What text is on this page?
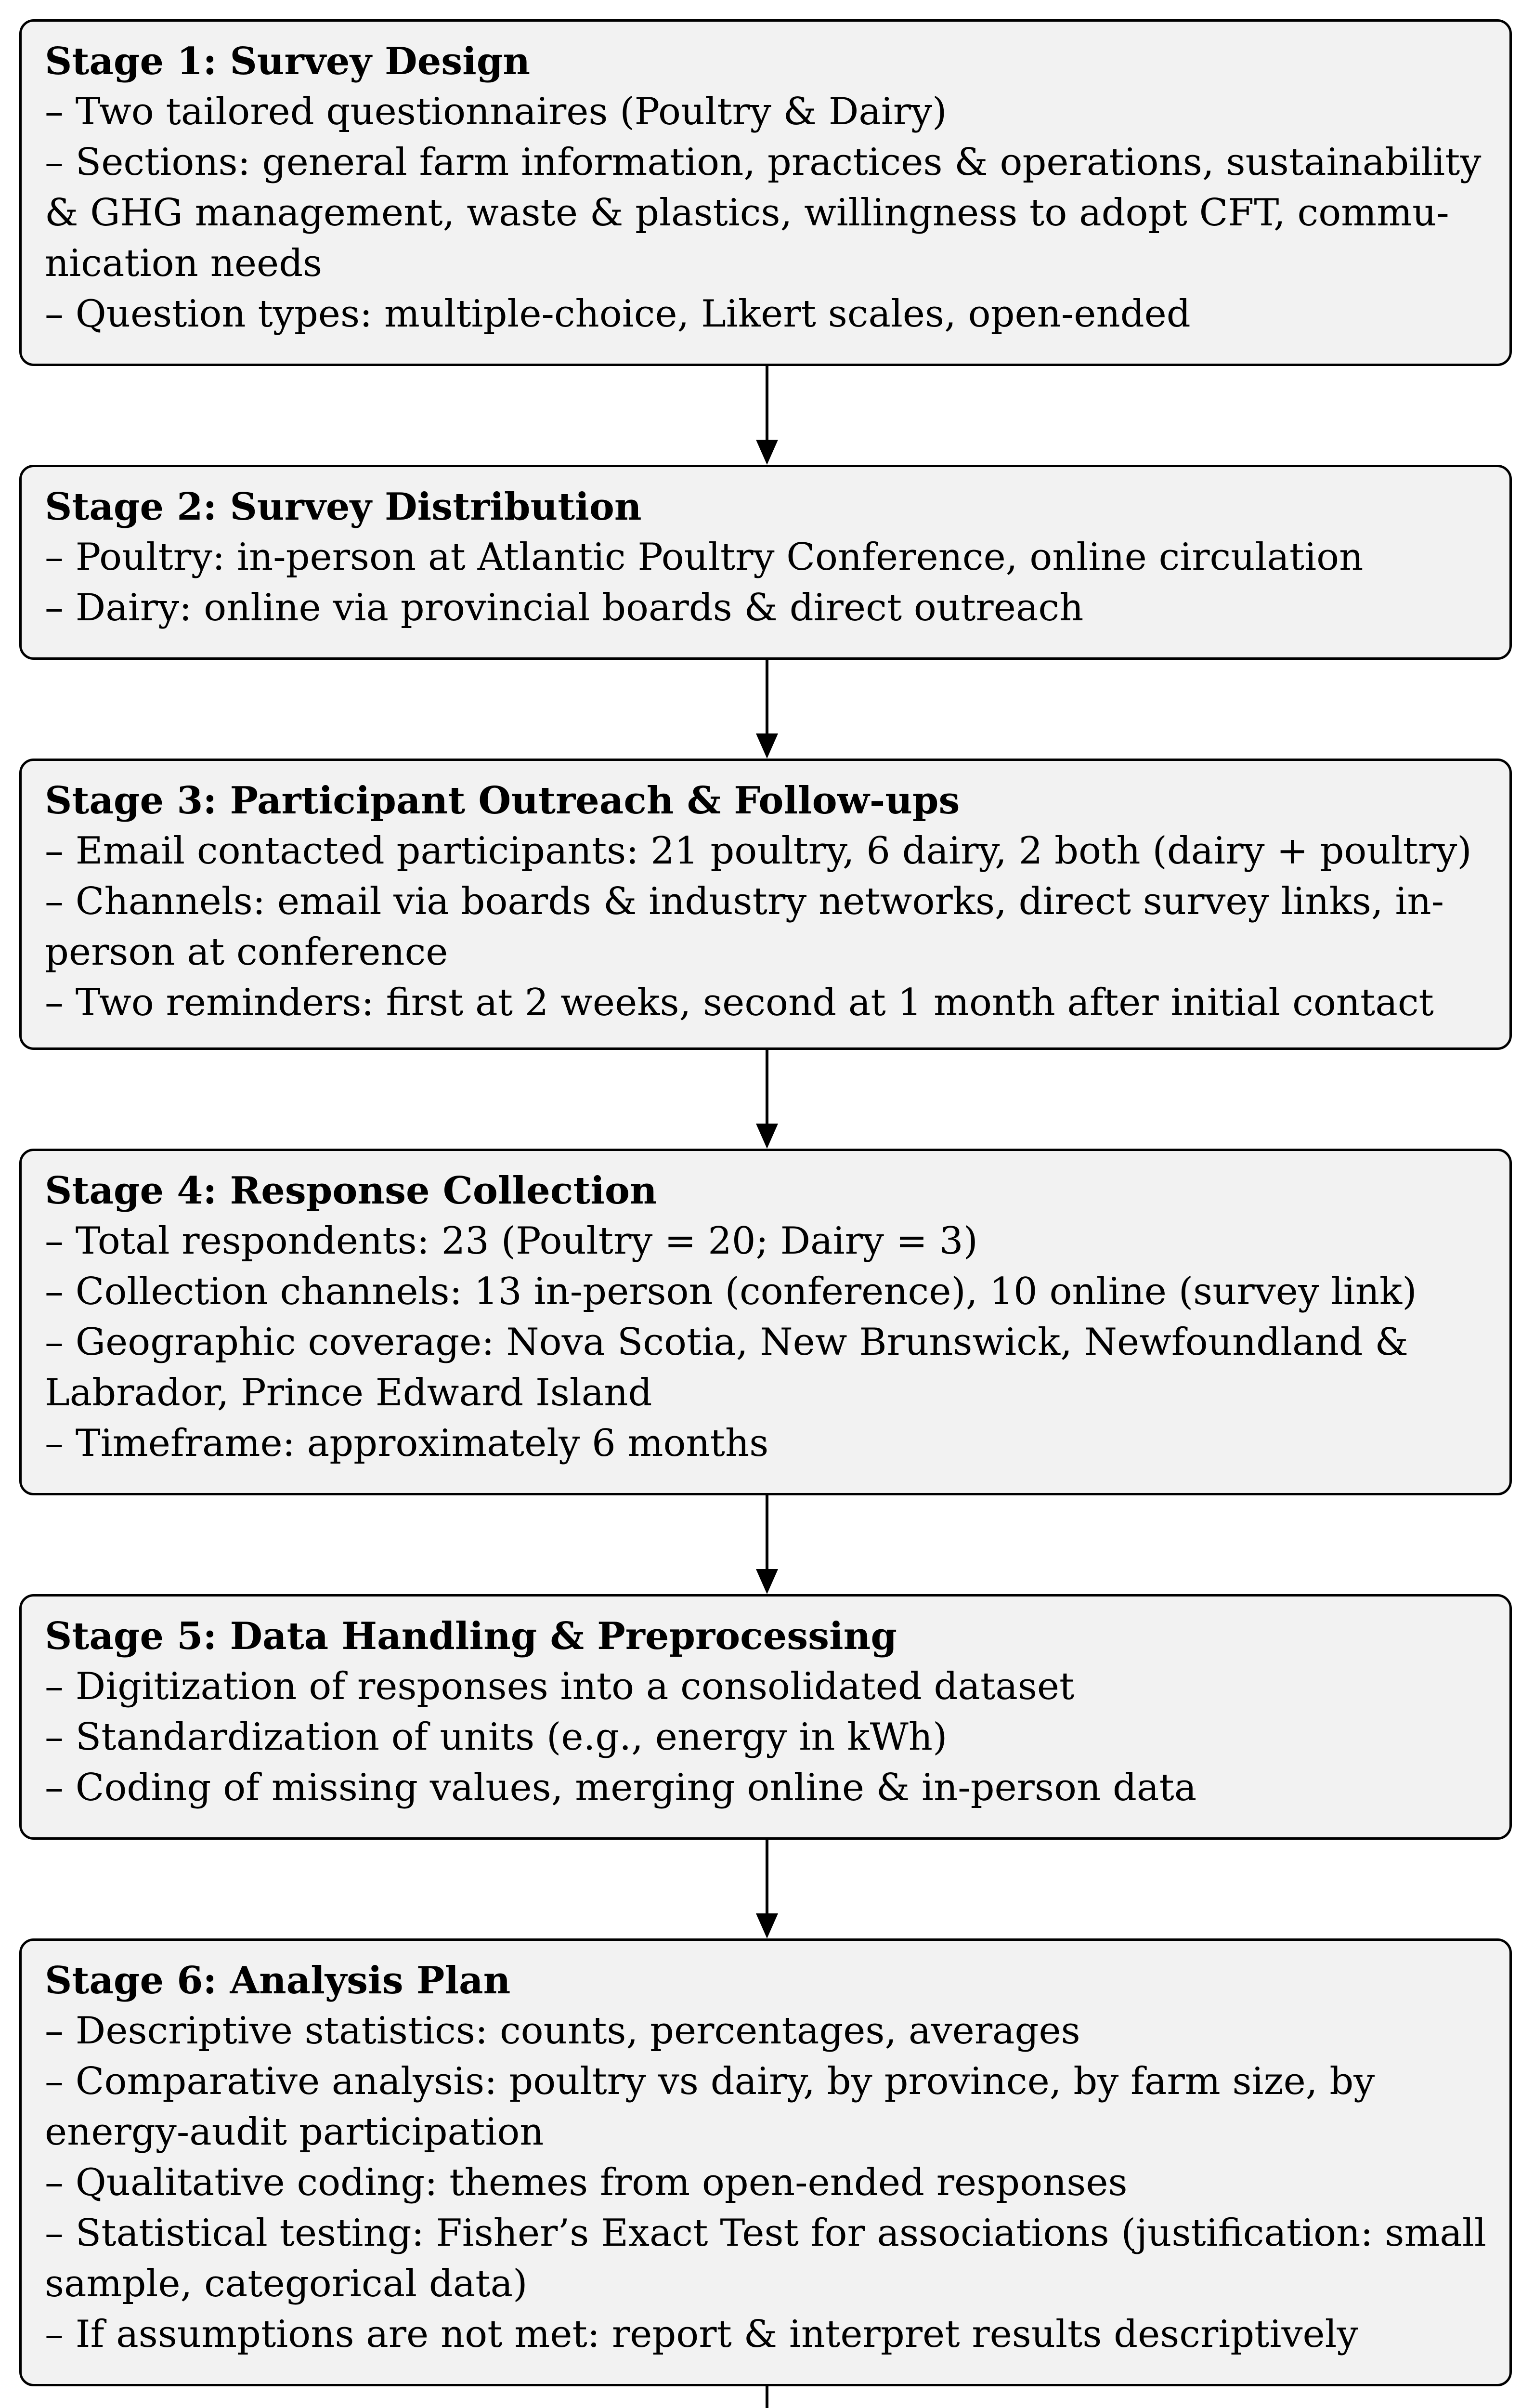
Stage 1: Survey Design
– Two tailored questionnaires (Poultry & Dairy)
– Sections: general farm information, practices & operations, sustainability
& GHG management, waste & plastics, willingness to adopt CFT, commu-
nication needs
– Question types: multiple-choice, Likert scales, open-ended
Stage 2: Survey Distribution
– Poultry: in-person at Atlantic Poultry Conference, online circulation
– Dairy: online via provincial boards & direct outreach
Stage 3: Participant Outreach & Follow-ups
– Email contacted participants: 21 poultry, 6 dairy, 2 both (dairy + poultry)
– Channels: email via boards & industry networks, direct survey links, in-
person at conference
– Two reminders: first at 2 weeks, second at 1 month after initial contact
Stage 4: Response Collection
– Total respondents: 23 (Poultry = 20; Dairy = 3)
– Collection channels: 13 in-person (conference), 10 online (survey link)
– Geographic coverage: Nova Scotia, New Brunswick, Newfoundland &
Labrador, Prince Edward Island
– Timeframe: approximately 6 months
Stage 5: Data Handling & Preprocessing
– Digitization of responses into a consolidated dataset
– Standardization of units (e.g., energy in kWh)
– Coding of missing values, merging online & in-person data
Stage 6: Analysis Plan
– Descriptive statistics: counts, percentages, averages
– Comparative analysis: poultry vs dairy, by province, by farm size, by
energy-audit participation
– Qualitative coding: themes from open-ended responses
– Statistical testing: Fisher’s Exact Test for associations (justification: small
sample, categorical data)
– If assumptions are not met: report & interpret results descriptively
